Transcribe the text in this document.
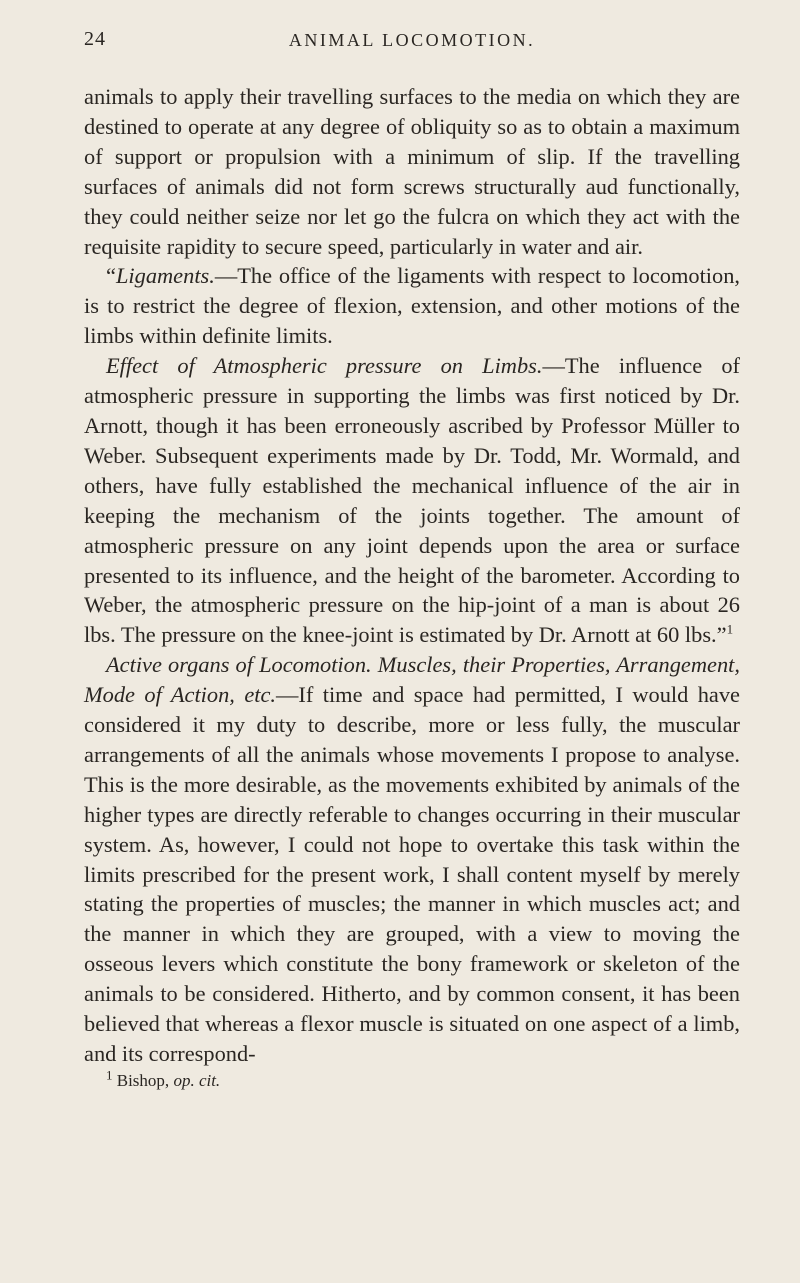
24	ANIMAL LOCOMOTION.

animals to apply their travelling surfaces to the media on which they are destined to operate at any degree of obliquity so as to obtain a maximum of support or propulsion with a minimum of slip. If the travelling surfaces of animals did not form screws structurally aud functionally, they could neither seize nor let go the fulcra on which they act with the requisite rapidity to secure speed, particularly in water and air.

“Ligaments.—The office of the ligaments with respect to locomotion, is to restrict the degree of flexion, extension, and other motions of the limbs within definite limits.

Effect of Atmospheric pressure on Limbs.—The influence of atmospheric pressure in supporting the limbs was first noticed by Dr. Arnott, though it has been erroneously ascribed by Professor Müller to Weber. Subsequent experiments made by Dr. Todd, Mr. Wormald, and others, have fully established the mechanical influence of the air in keeping the mechanism of the joints together. The amount of atmospheric pressure on any joint depends upon the area or surface presented to its influence, and the height of the barometer. According to Weber, the atmospheric pressure on the hip-joint of a man is about 26 lbs. The pressure on the knee-joint is estimated by Dr. Arnott at 60 lbs.”$^1$

Active organs of Locomotion. Muscles, their Properties, Arrangement, Mode of Action, etc.—If time and space had permitted, I would have considered it my duty to describe, more or less fully, the muscular arrangements of all the animals whose movements I propose to analyse. This is the more desirable, as the movements exhibited by animals of the higher types are directly referable to changes occurring in their muscular system. As, however, I could not hope to overtake this task within the limits prescribed for the present work, I shall content myself by merely stating the properties of muscles; the manner in which muscles act; and the manner in which they are grouped, with a view to moving the osseous levers which constitute the bony framework or skeleton of the animals to be considered. Hitherto, and by common consent, it has been believed that whereas a flexor muscle is situated on one aspect of a limb, and its correspond-

$^1$ Bishop, op. cit.
